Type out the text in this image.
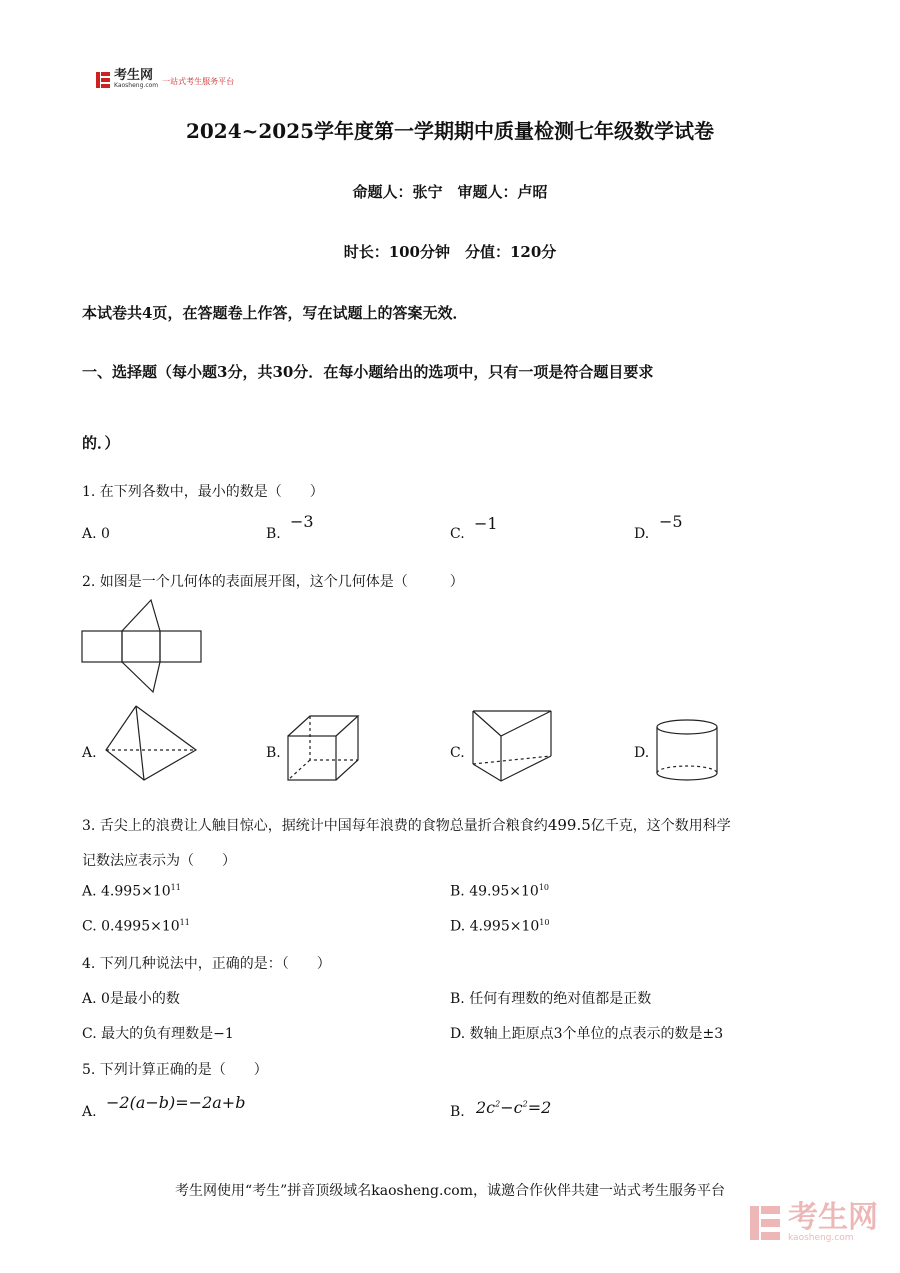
考生网
Kaosheng.com 一站式考生服务平台
2024~2025学年度第一学期期中质量检测七年级数学试卷
命题人：张宁　审题人：卢昭
时长：100分钟　分值：120分
本试卷共4页，在答题卷上作答，写在试题上的答案无效．
一、选择题（每小题3分，共30分．在每小题给出的选项中，只有一项是符合题目要求
的．）
1. 在下列各数中，最小的数是（　　）
A. 0	B.
−3
C.
−1
D.
−5
2. 如图是一个几何体的表面展开图，这个几何体是（　　　）
A.	B.	C.	D.
3. 舌尖上的浪费让人触目惊心，据统计中国每年浪费的食物总量折合粮食约499.5亿千克，这个数用科学
记数法应表示为（　　）
A. $4.995\times 10^{11}$	B. $49.95\times 10^{10}$
C. $0.4995\times 10^{11}$	D. $4.995\times 10^{10}$
4. 下列几种说法中，正确的是：（　　）
A. 0是最小的数	B. 任何有理数的绝对值都是正数
C. 最大的负有理数是−1	D. 数轴上距原点3个单位的点表示的数是±3
5. 下列计算正确的是（　　）
A. −2(a−b)=−2a+b	B. $2c^2-c^2=2$
考生网使用“考生”拼音顶级域名kaosheng.com，诚邀合作伙伴共建一站式考生服务平台
考生网
kaosheng.com
